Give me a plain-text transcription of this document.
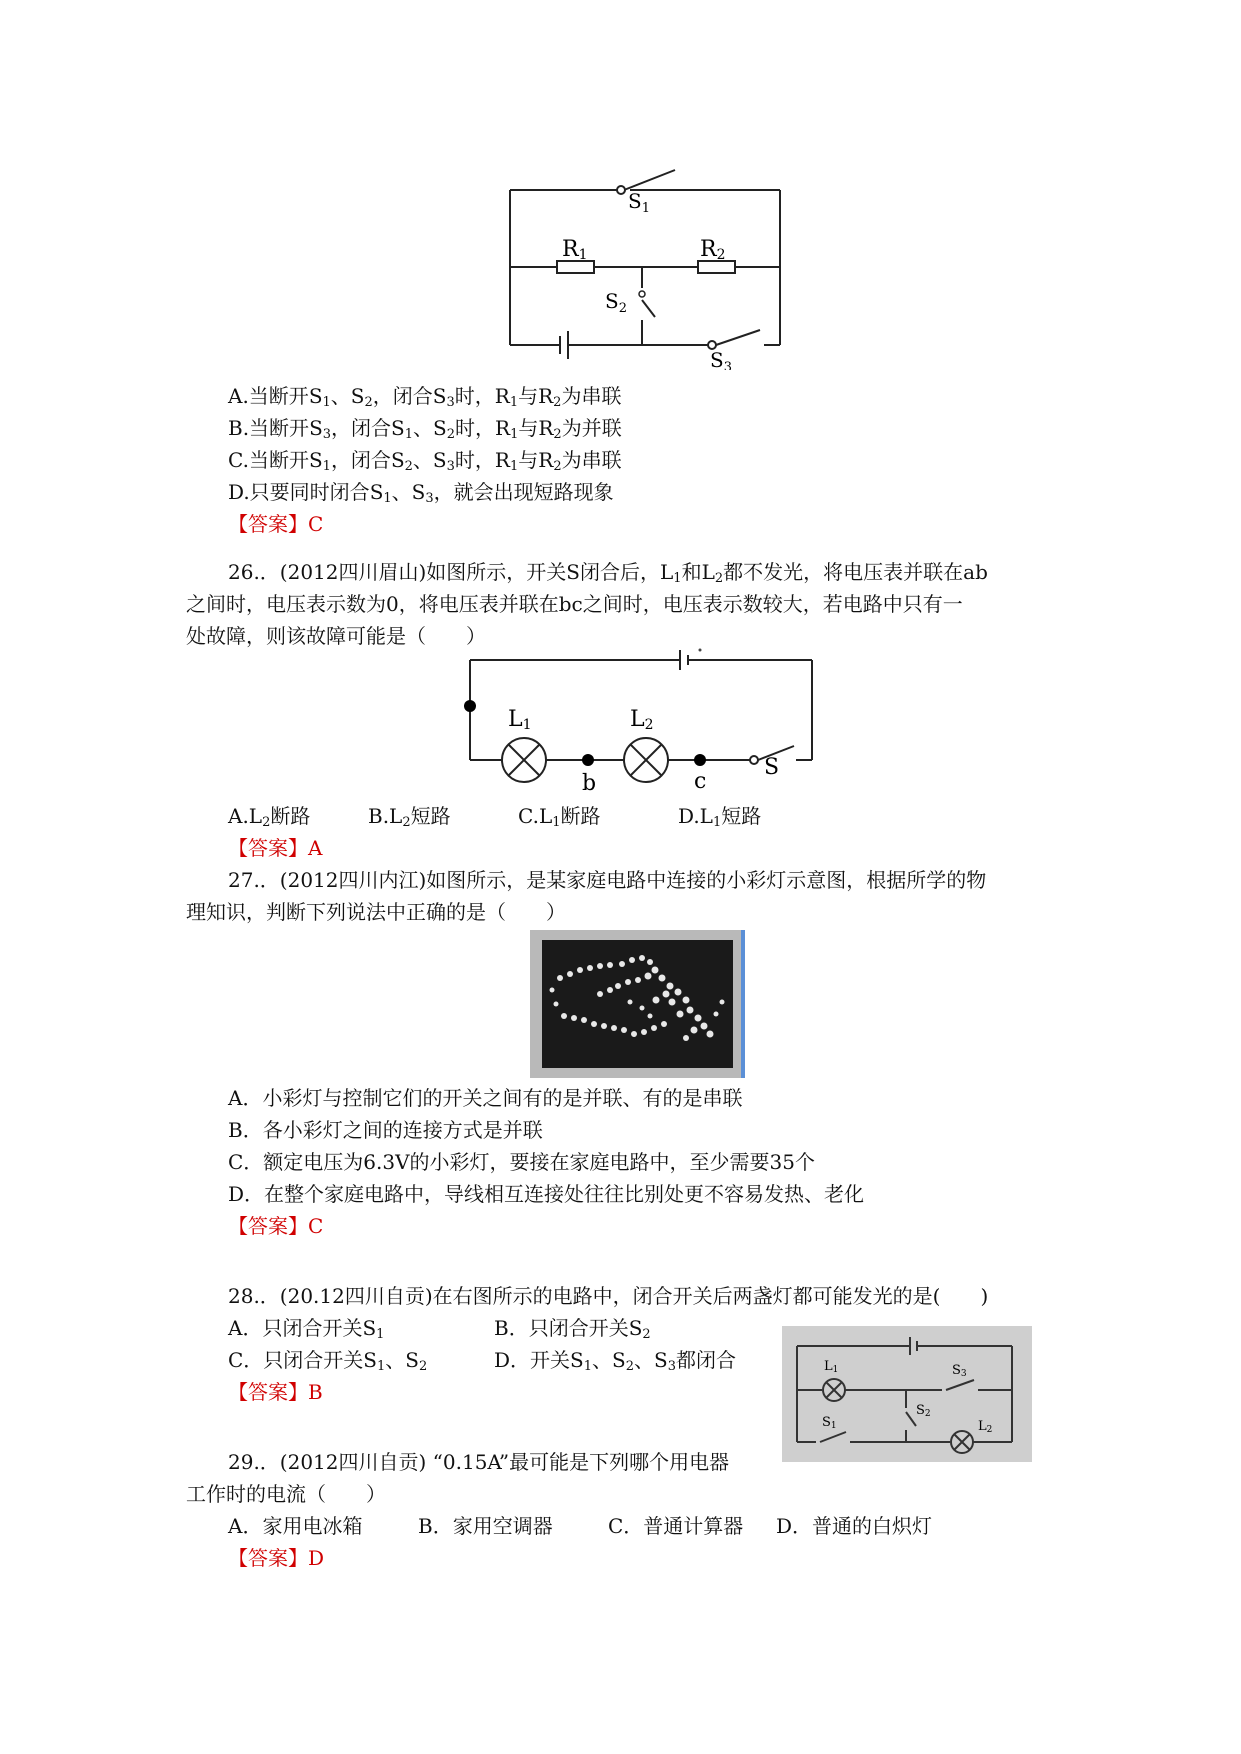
$S_1$
R1	R2
$S_2$
$S_3$
A.当断开$S_1$、$S_2$，闭合$S_3$时，$R_1$与$R_2$为串联
B.当断开$S_3$，闭合$S_1$、$S_2$时，$R_1$与$R_2$为并联
C.当断开$S_1$，闭合$S_2$、$S_3$时，$R_1$与$R_2$为串联
D.只要同时闭合$S_1$、$S_3$，就会出现短路现象
【答案】C
26.．(2012四川眉山)如图所示，开关S闭合后，$L_1$和$L_2$都不发光，将电压表并联在ab
之间时，电压表示数为0，将电压表并联在bc之间时，电压表示数较大，若电路中只有一
处故障，则该故障可能是（　　）
L1	L2
b	c
S
$A.L_2$断路	$B.L_2$短路	$C.L_1$断路	$D.L_1$短路
【答案】A
27.．(2012四川内江)如图所示，是某家庭电路中连接的小彩灯示意图，根据所学的物
理知识，判断下列说法中正确的是（　　）
A．小彩灯与控制它们的开关之间有的是并联、有的是串联
B．各小彩灯之间的连接方式是并联
C．额定电压为6.3V的小彩灯，要接在家庭电路中，至少需要35个
D．在整个家庭电路中，导线相互连接处往往比别处更不容易发热、老化
【答案】C
28.．(20.12四川自贡)在右图所示的电路中，闭合开关后两盏灯都可能发光的是(　　)
A．只闭合开关$S_1$	B．只闭合开关$S_2$
C．只闭合开关$S_1$、$S_2$	D．开关$S_1$、$S_2$、$S_3$都闭合
【答案】B
L1	S3
S2
S1	L2
29.．(2012四川自贡) “0.15A”最可能是下列哪个用电器
工作时的电流（　　）
A．家用电冰箱	B．家用空调器	C．普通计算器 D．普通的白炽灯
【答案】D
